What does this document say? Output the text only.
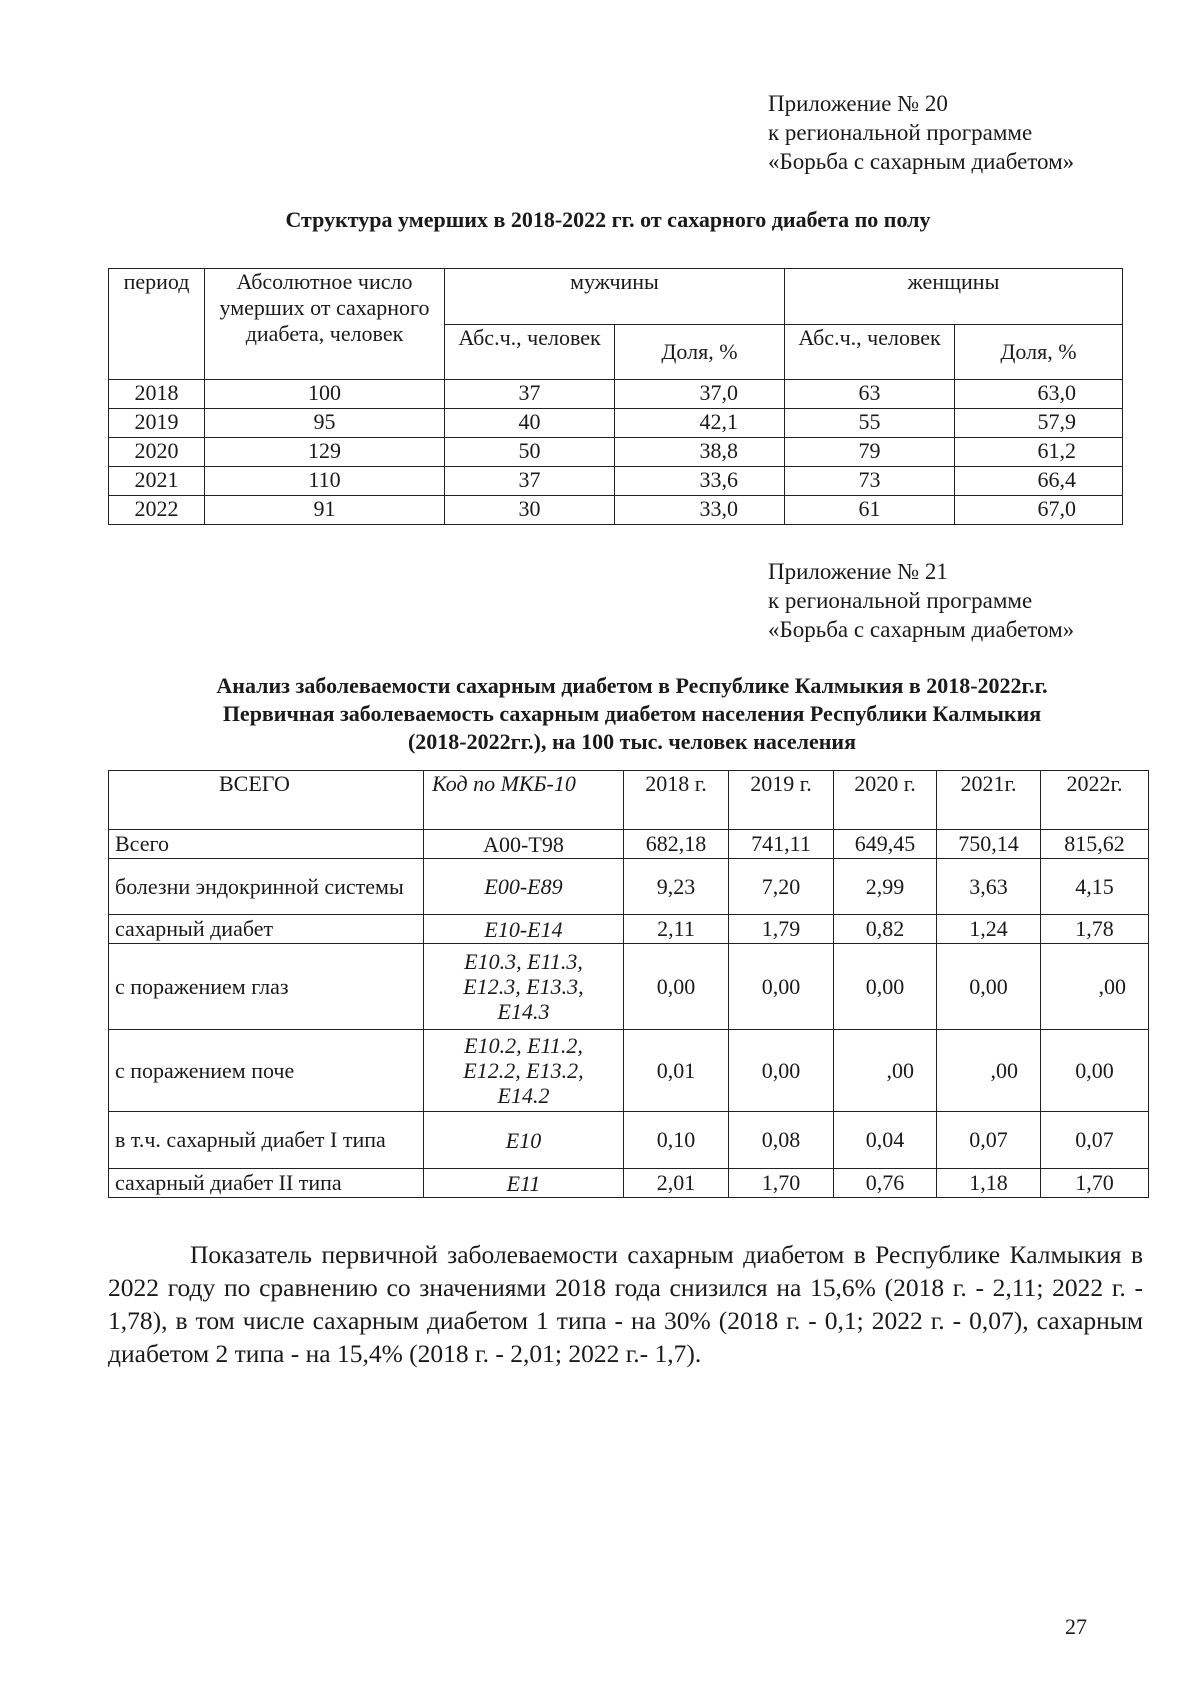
Приложение № 20
к региональной программе
«Борьба с сахарным диабетом»
Структура умерших в 2018-2022 гг. от сахарного диабета по полу
период	Абсолютное число умерших от сахарного диабета, человек	мужчины		женщины	
		Абс.ч., человек	Доля, %	Абс.ч., человек	Доля, %
2018	100	37	37,0	63	63,0
2019	95	40	42,1	55	57,9
2020	129	50	38,8	79	61,2
2021	110	37	33,6	73	66,4
2022	91	30	33,0	61	67,0
Приложение № 21
к региональной программе
«Борьба с сахарным диабетом»
Анализ заболеваемости сахарным диабетом в Республике Калмыкия в 2018-2022г.г.
Первичная заболеваемость сахарным диабетом населения Республики Калмыкия
(2018-2022гг.), на 100 тыс. человек населения
ВСЕГО	Код по МКБ-10	2018 г.	2019 г.	2020 г.	2021г.	2022г.
Всего	A00-T98	682,18	741,11	649,45	750,14	815,62
болезни эндокринной системы	E00-E89	9,23	7,20	2,99	3,63	4,15
сахарный диабет	E10-E14	2,11	1,79	0,82	1,24	1,78
с поражением глаз	E10.3, E11.3, E12.3, E13.3, E14.3	0,00	0,00	0,00	0,00	,00
с поражением поче	E10.2, E11.2, E12.2, E13.2, E14.2	0,01	0,00	,00	,00	0,00
в т.ч. сахарный диабет I типа	E10	0,10	0,08	0,04	0,07	0,07
сахарный диабет II типа	E11	2,01	1,70	0,76	1,18	1,70
Показатель первичной заболеваемости сахарным диабетом в Республике Калмыкия в 2022 году по сравнению со значениями 2018 года снизился на 15,6% (2018 г. - 2,11; 2022 г. - 1,78), в том числе сахарным диабетом 1 типа - на 30% (2018 г. - 0,1; 2022 г. - 0,07), сахарным диабетом 2 типа - на 15,4% (2018 г. - 2,01; 2022 г.- 1,7).
27
